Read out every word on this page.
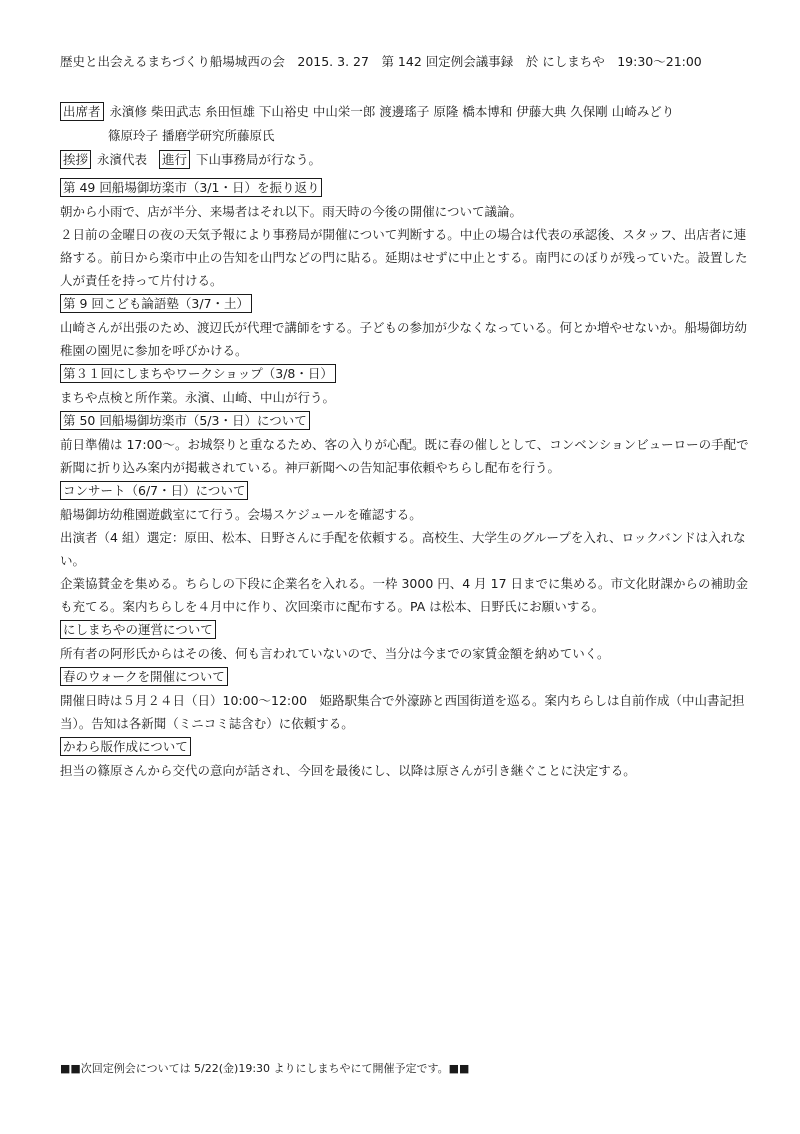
歴史と出会えるまちづくり船場城西の会　2015. 3. 27　第 142 回定例会議事録　於 にしまちや　19:30〜21:00
出席者 永濱修 柴田武志 糸田恒雄 下山裕史 中山栄一郎 渡邊瑤子 原隆 橋本博和 伊藤大典 久保剛 山崎みどり
篠原玲子 播磨学研究所藤原氏
挨拶 永濱代表 進行 下山事務局が行なう。
第 49 回船場御坊楽市（3/1・日）を振り返り

朝から小雨で、店が半分、来場者はそれ以下。雨天時の今後の開催について議論。

２日前の金曜日の夜の天気予報により事務局が開催について判断する。中止の場合は代表の承認後、スタッフ、出店者に連絡する。前日から楽市中止の告知を山門などの門に貼る。延期はせずに中止とする。南門にのぼりが残っていた。設置した人が責任を持って片付ける。

第 9 回こども論語塾（3/7・土）

山崎さんが出張のため、渡辺氏が代理で講師をする。子どもの参加が少なくなっている。何とか増やせないか。船場御坊幼稚園の園児に参加を呼びかける。

第３１回にしまちやワークショップ（3/8・日）

まちや点検と所作業。永濱、山崎、中山が行う。

第 50 回船場御坊楽市（5/3・日）について

前日準備は 17:00〜。お城祭りと重なるため、客の入りが心配。既に春の催しとして、コンベンションビューローの手配で新聞に折り込み案内が掲載されている。神戸新聞への告知記事依頼やちらし配布を行う。

コンサート（6/7・日）について

船場御坊幼稚園遊戯室にて行う。会場スケジュールを確認する。

出演者（4 組）選定：原田、松本、日野さんに手配を依頼する。高校生、大学生のグループを入れ、ロックバンドは入れない。

企業協賛金を集める。ちらしの下段に企業名を入れる。一枠 3000 円、4 月 17 日までに集める。市文化財課からの補助金も充てる。案内ちらしを４月中に作り、次回楽市に配布する。PA は松本、日野氏にお願いする。

にしまちやの運営について

所有者の阿形氏からはその後、何も言われていないので、当分は今までの家賃金額を納めていく。

春のウォークを開催について

開催日時は５月２４日（日）10:00〜12:00　姫路駅集合で外濠跡と西国街道を巡る。案内ちらしは自前作成（中山書記担当）。告知は各新聞（ミニコミ誌含む）に依頼する。

かわら版作成について

担当の篠原さんから交代の意向が話され、今回を最後にし、以降は原さんが引き継ぐことに決定する。

■■次回定例会については 5/22(金)19:30 よりにしまちやにて開催予定です。■■
